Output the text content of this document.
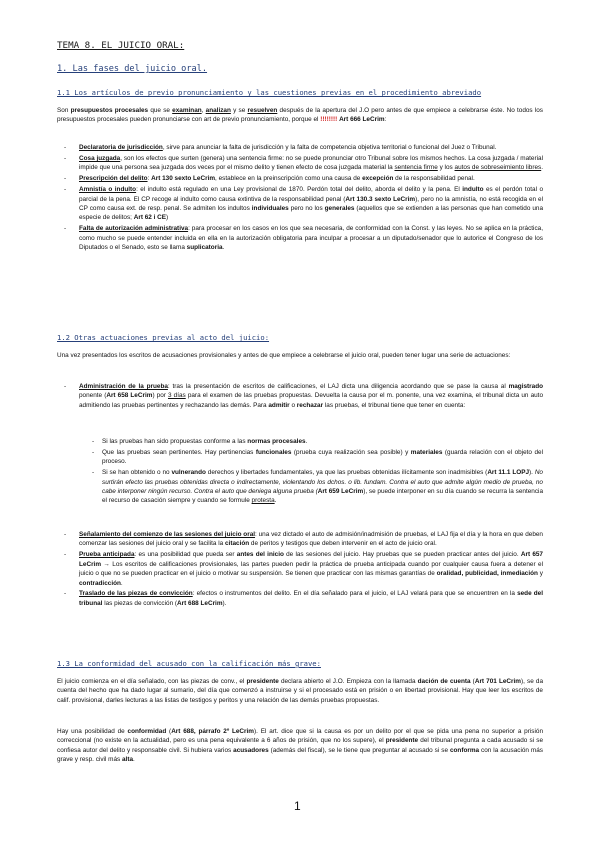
TEMA 8. EL JUICIO ORAL:
1. Las fases del juicio oral.
1.1 Los artículos de previo pronunciamiento y las cuestiones previas en el procedimiento abreviado

Son presupuestos procesales que se examinan, analizan y se resuelven después de la apertura del J.O pero antes de que empiece a celebrarse éste. No todos los presupuestos procesales pueden pronunciarse con art de previo pronunciamiento, porque el !!!!!!!! Art 666 LeCrim:

- Declaratoria de jurisdicción, sirve para anunciar la falta de jurisdicción y la falta de competencia objetiva territorial o funcional del Juez o Tribunal.
- Cosa juzgada, son los efectos que surten (genera) una sentencia firme: no se puede pronunciar otro Tribunal sobre los mismos hechos. La cosa juzgada / material impide que una persona sea juzgada dos veces por el mismo delito y tienen efecto de cosa juzgada material la sentencia firme y los autos de sobreseimiento libres.
- Prescripción del delito: Art 130 sexto LeCrim, establece en la preinscripción como una causa de excepción de la responsabilidad penal.
- Amnistía o indulto: el indulto está regulado en una Ley provisional de 1870. Perdón total del delito, aborda el delito y la pena. El indulto es el perdón total o parcial de la pena. El CP recoge al indulto como causa extintiva de la responsabilidad penal (Art 130.3 sexto LeCrim), pero no la amnistía, no está recogida en el CP como causa ext. de resp. penal. Se admiten los indultos individuales pero no los generales (aquellos que se extienden a las personas que han cometido una especie de delitos; Art 62 i CE)
- Falta de autorización administrativa: para procesar en los casos en los que sea necesaria, de conformidad con la Const. y las leyes. No se aplica en la práctica, como mucho se puede entender incluida en ella en la autorización obligatoria para inculpar a procesar a un diputado/senador que lo autorice el Congreso de los Diputados o el Senado, esto se llama suplicatoria.
1.2 Otras actuaciones previas al acto del juicio:

Una vez presentados los escritos de acusaciones provisionales y antes de que empiece a celebrarse el juicio oral, pueden tener lugar una serie de actuaciones:

- Administración de la prueba: tras la presentación de escritos de calificaciones, el LAJ dicta una diligencia acordando que se pase la causa al magistrado ponente (Art 658 LeCrim) por 3 días para el examen de las pruebas propuestas. Devuelta la causa por el m. ponente, una vez examina, el tribunal dicta un auto admitiendo las pruebas pertinentes y rechazando las demás. Para admitir o rechazar las pruebas, el tribunal tiene que tener en cuenta:
- Si las pruebas han sido propuestas conforme a las normas procesales.
- Que las pruebas sean pertinentes. Hay pertinencias funcionales (prueba cuya realización sea posible) y materiales (guarda relación con el objeto del proceso.
- Si se han obtenido o no vulnerando derechos y libertades fundamentales, ya que las pruebas obtenidas ilícitamente son inadmisibles (Art 11.1 LOPJ). No surtirán efecto las pruebas obtenidas directa o indirectamente, violentando los dchos. o lib. fundam. Contra el auto que admite algún medio de prueba, no cabe interponer ningún recurso. Contra el auto que deniega alguna prueba (Art 659 LeCrim), se puede interponer en su día cuando se recurra la sentencia el recurso de casación siempre y cuando se formule protesta.
- Señalamiento del comienzo de las sesiones del juicio oral: una vez dictado el auto de admisión/inadmisión de pruebas, el LAJ fija el día y la hora en que deben comenzar las sesiones del juicio oral y se facilita la citación de peritos y testigos que deben intervenir en el acto de juicio oral.
- Prueba anticipada: es una posibilidad que pueda ser antes del inicio de las sesiones del juicio. Hay pruebas que se pueden practicar antes del juicio. Art 657 LeCrim → Los escritos de calificaciones provisionales, las partes pueden pedir la práctica de prueba anticipada cuando por cualquier causa fuera a detener el juicio o que no se pueden practicar en el juicio o motivar su suspensión. Se tienen que practicar con las mismas garantías de oralidad, publicidad, inmediación y contradicción.
- Traslado de las piezas de convicción: efectos o instrumentos del delito. En el día señalado para el juicio, el LAJ velará para que se encuentren en la sede del tribunal las piezas de convicción (Art 688 LeCrim).
1.3 La conformidad del acusado con la calificación más grave:

El juicio comienza en el día señalado, con las piezas de conv., el presidente declara abierto el J.O. Empieza con la llamada dación de cuenta (Art 701 LeCrim), se da cuenta del hecho que ha dado lugar al sumario, del día que comenzó a instruirse y si el procesado está en prisión o en libertad provisional. Hay que leer los escritos de calif. provisional, darles lecturas a las listas de testigos y peritos y una relación de las demás pruebas propuestas.

Hay una posibilidad de conformidad (Art 688, párrafo 2º LeCrim). El art. dice que si la causa es por un delito por el que se pida una pena no superior a prisión correccional (no existe en la actualidad, pero es una pena equivalente a 6 años de prisión, que no los supere), el presidente del tribunal pregunta a cada acusado si se confiesa autor del delito y responsable civil. Si hubiera varios acusadores (además del fiscal), se le tiene que preguntar al acusado si se conforma con la acusación más grave y resp. civil más alta.

1
